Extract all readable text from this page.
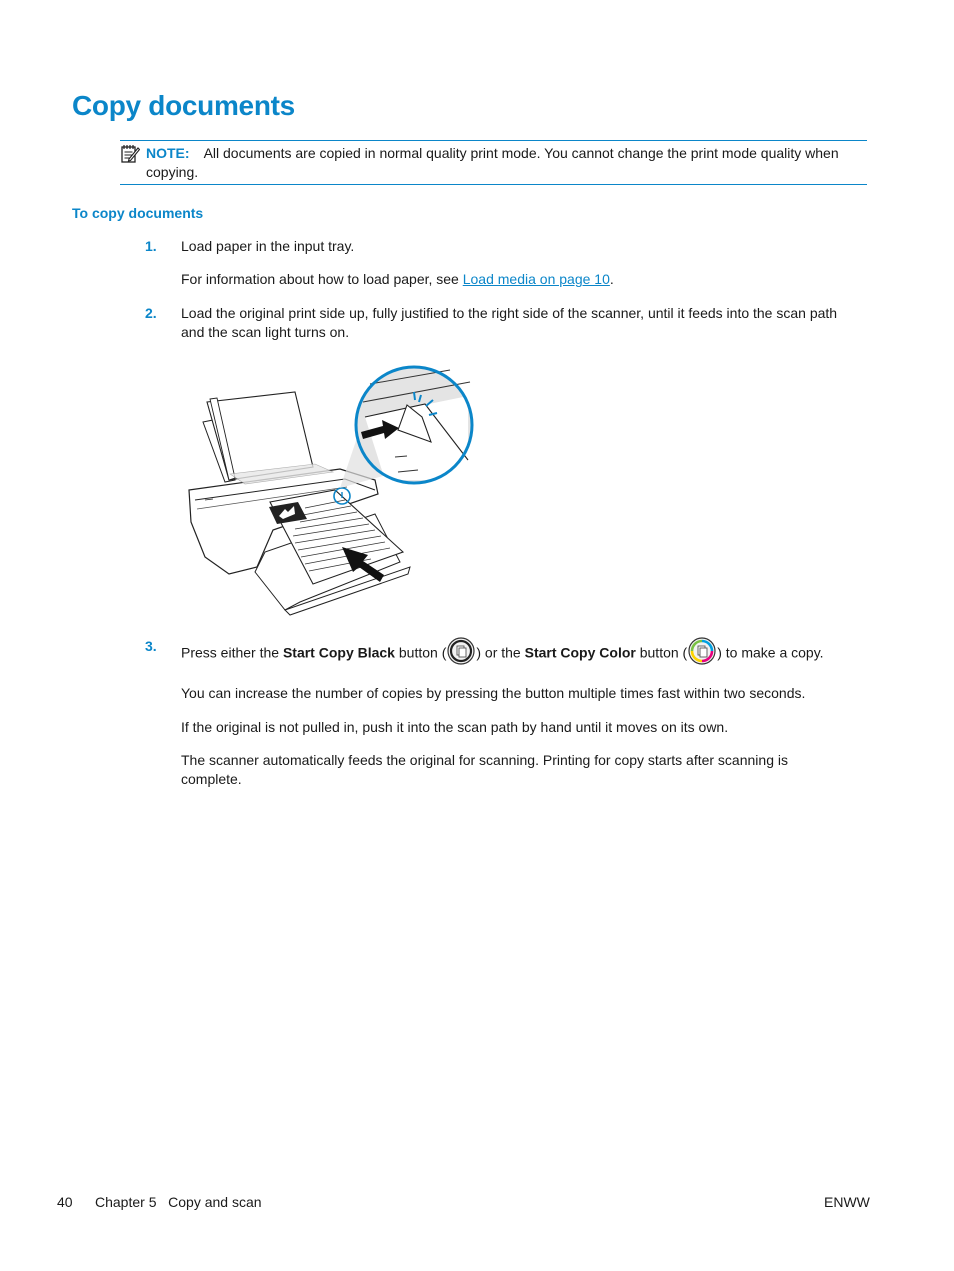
Copy documents
NOTE: All documents are copied in normal quality print mode. You cannot change the print mode quality when copying.
To copy documents
1. Load paper in the input tray.
For information about how to load paper, see Load media on page 10.
2. Load the original print side up, fully justified to the right side of the scanner, until it feeds into the scan path and the scan light turns on.
3. Press either the Start Copy Black button ( ) or the Start Copy Color button ( ) to make a copy.
You can increase the number of copies by pressing the button multiple times fast within two seconds.
If the original is not pulled in, push it into the scan path by hand until it moves on its own.
The scanner automatically feeds the original for scanning. Printing for copy starts after scanning is complete.
40 Chapter 5   Copy and scan	ENWW
